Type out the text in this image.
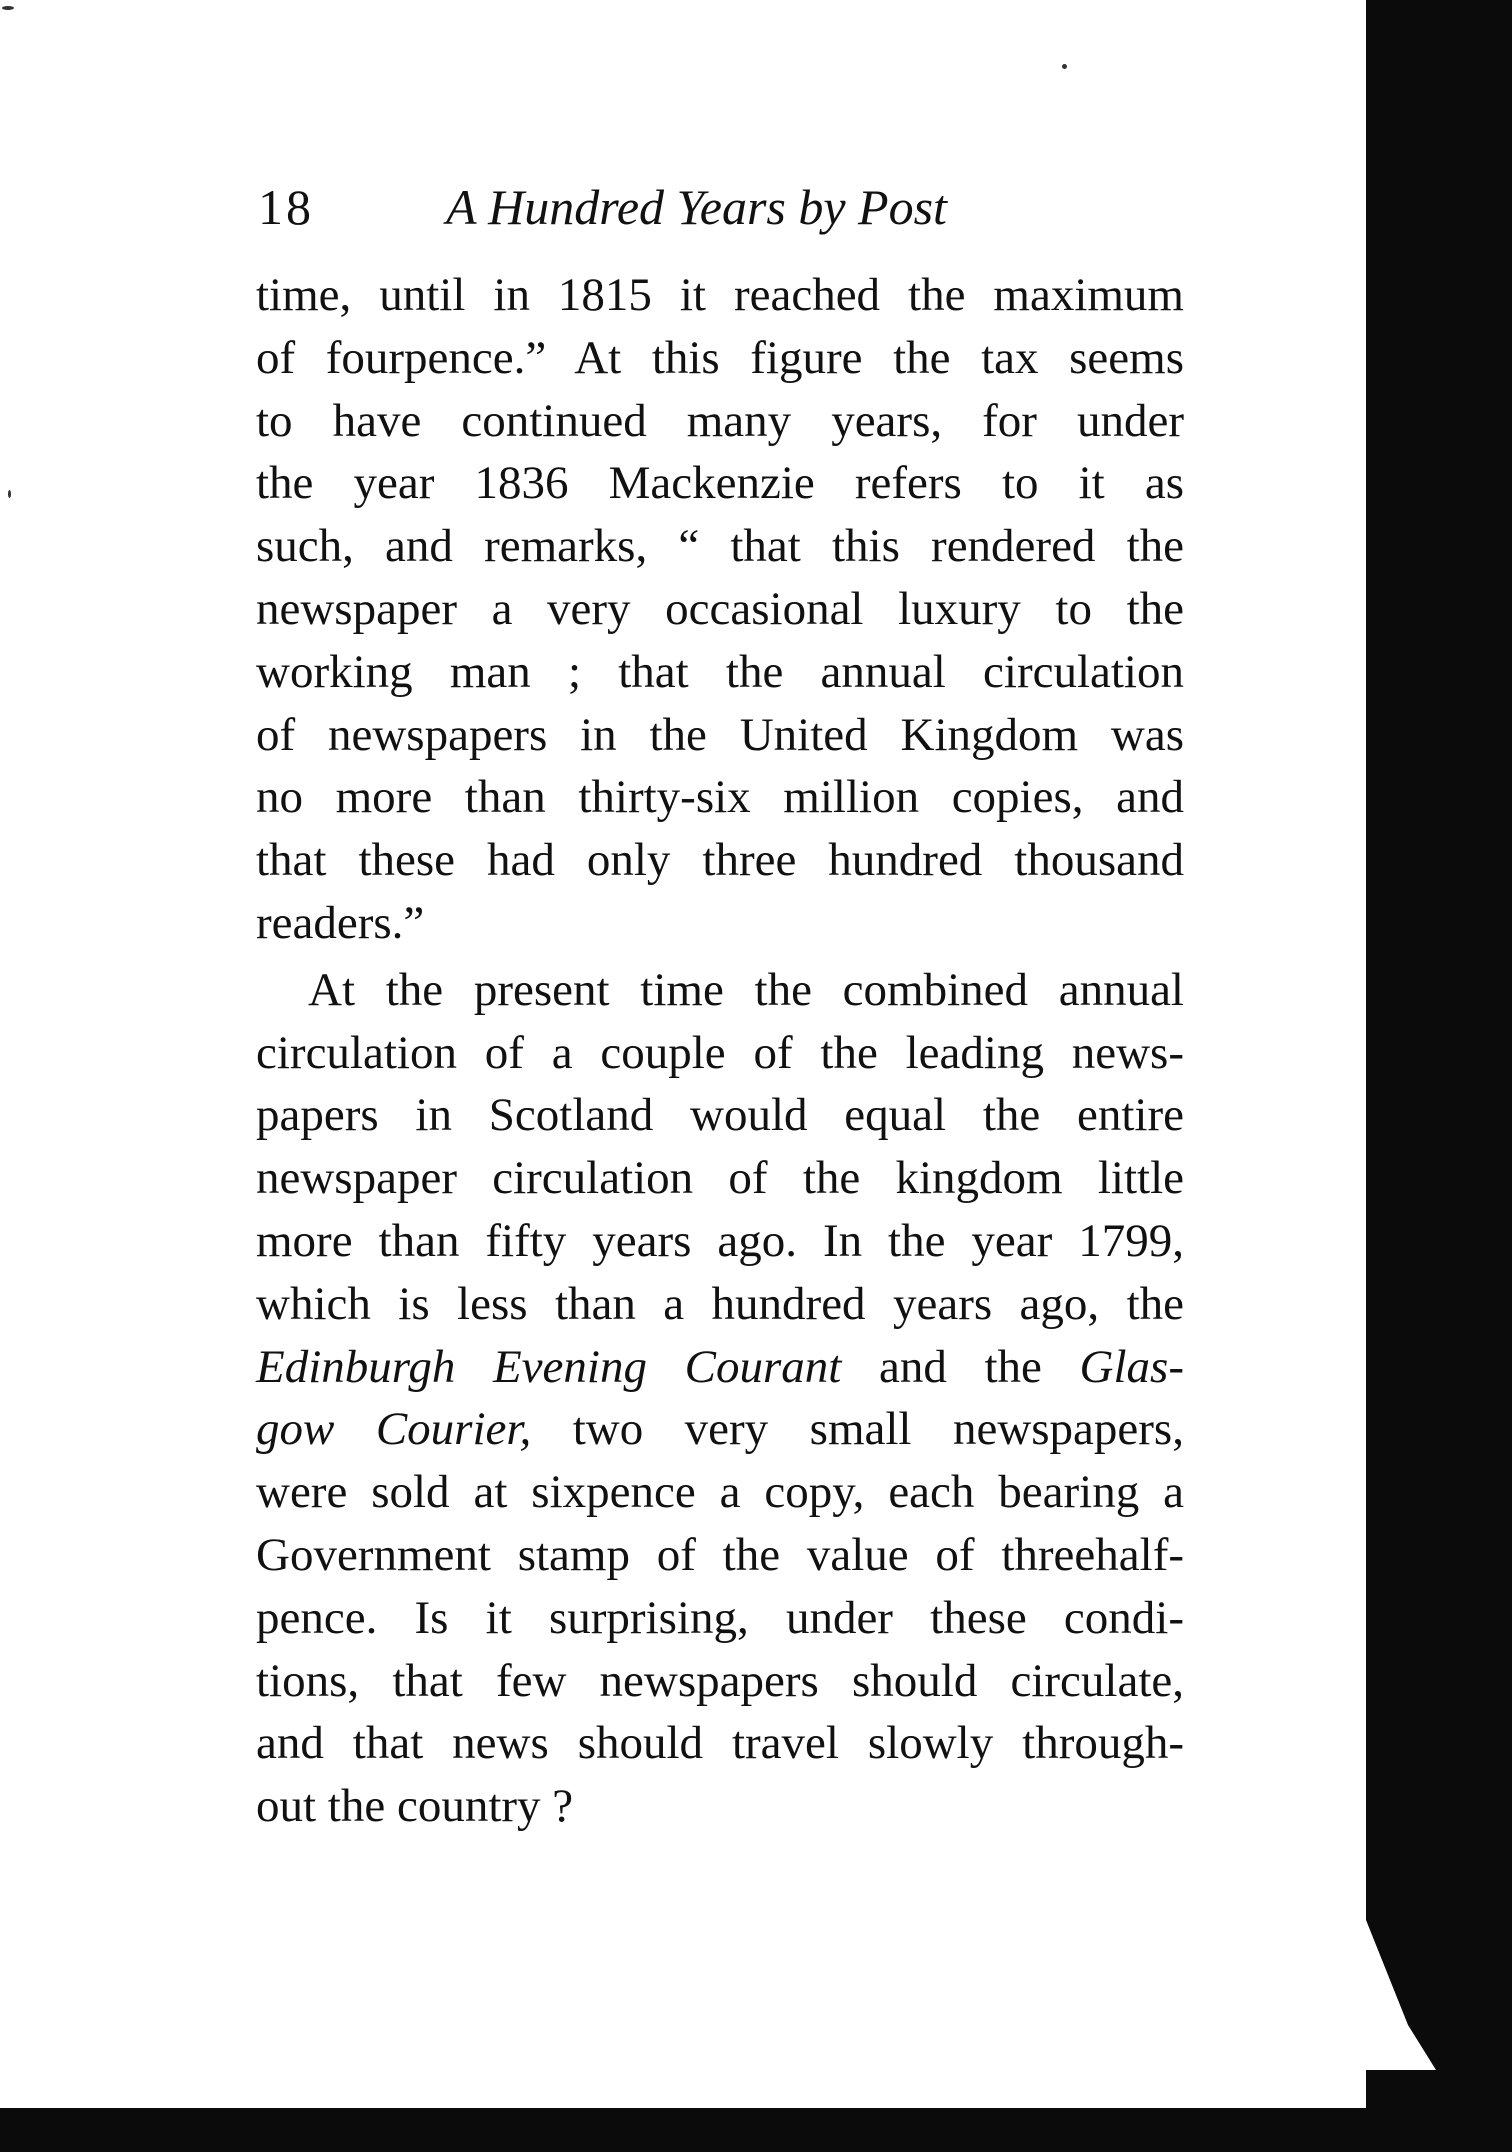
18	A Hundred Years by Post
time, until in 1815 it reached the maximum
of fourpence.” At this figure the tax seems
to have continued many years, for under
the year 1836 Mackenzie refers to it as
such, and remarks, “ that this rendered the
newspaper a very occasional luxury to the
working man ; that the annual circulation
of newspapers in the United Kingdom was
no more than thirty-six million copies, and
that these had only three hundred thousand
readers.”
At the present time the combined annual
circulation of a couple of the leading news-
papers in Scotland would equal the entire
newspaper circulation of the kingdom little
more than fifty years ago. In the year 1799,
which is less than a hundred years ago, the
Edinburgh Evening Courant and the Glas-
gow Courier, two very small newspapers,
were sold at sixpence a copy, each bearing a
Government stamp of the value of threehalf-
pence. Is it surprising, under these condi-
tions, that few newspapers should circulate,
and that news should travel slowly through-
out the country ?
